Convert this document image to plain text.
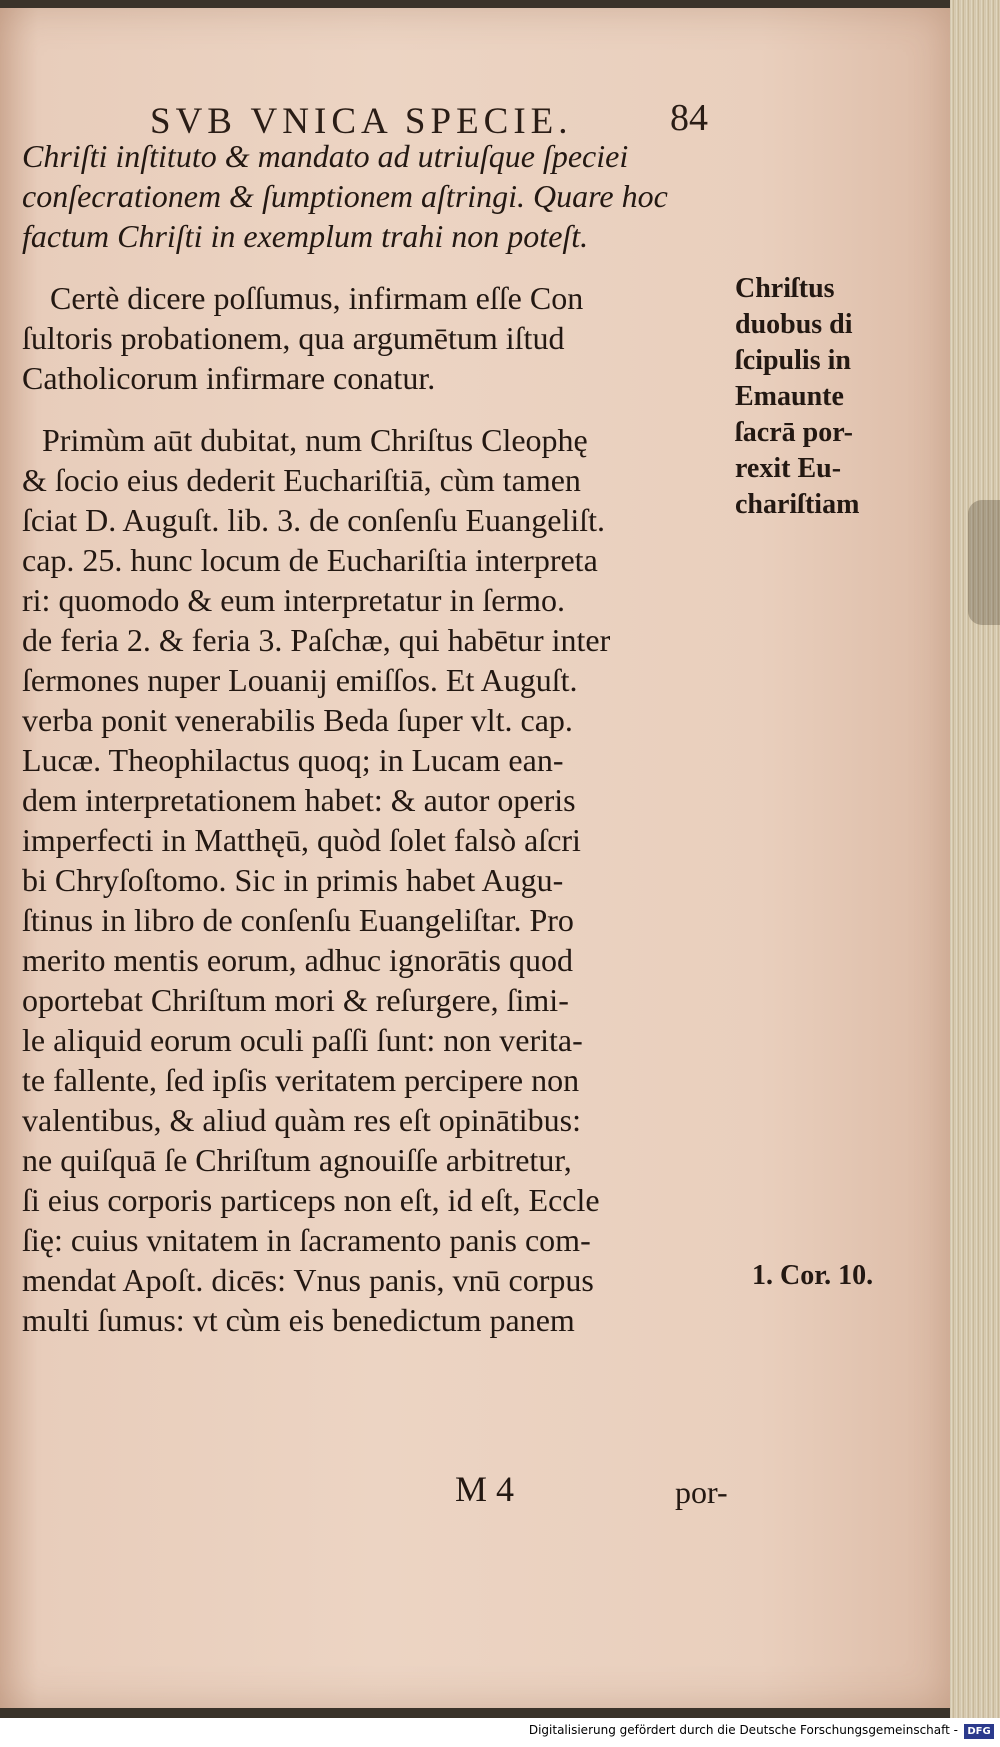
SVB VNICA SPECIE.	84
Chriſti inſtituto & mandato ad utriuſque ſpeciei
conſecrationem & ſumptionem aſtringi. Quare hoc
factum Chriſti in exemplum trahi non poteſt.
Certè dicere poſſumus, infirmam eſſe Con
ſultoris probationem, qua argumētum iſtud
Catholicorum infirmare conatur.
Primùm aūt dubitat, num Chriſtus Cleophę
& ſocio eius dederit Euchariſtiā, cùm tamen
ſciat D. Auguſt. lib. 3. de conſenſu Euangeliſt.
cap. 25. hunc locum de Euchariſtia interpreta
ri: quomodo & eum interpretatur in ſermo.
de feria 2. & feria 3. Paſchæ, qui habētur inter
ſermones nuper Louanij emiſſos. Et Auguſt.
verba ponit venerabilis Beda ſuper vlt. cap.
Lucæ. Theophilactus quoq; in Lucam ean-
dem interpretationem habet: & autor operis
imperfecti in Matthęū, quòd ſolet falsò aſcri
bi Chryſoſtomo. Sic in primis habet Augu-
ſtinus in libro de conſenſu Euangeliſtar. Pro
merito mentis eorum, adhuc ignorātis quod
oportebat Chriſtum mori & reſurgere, ſimi-
le aliquid eorum oculi paſſi ſunt: non verita-
te fallente, ſed ipſis veritatem percipere non
valentibus, & aliud quàm res eſt opinātibus:
ne quiſquā ſe Chriſtum agnouiſſe arbitretur,
ſi eius corporis particeps non eſt, id eſt, Eccle
ſię: cuius vnitatem in ſacramento panis com-
mendat Apoſt. dicēs: Vnus panis, vnū corpus
multi ſumus: vt cùm eis benedictum panem
Chriſtus
duobus di
ſcipulis in
Emaunte
ſacrā por-
rexit Eu-
chariſtiam
1. Cor. 10.
M 4	por-
Digitalisierung gefördert durch die Deutsche Forschungsgemeinschaft - DFG
